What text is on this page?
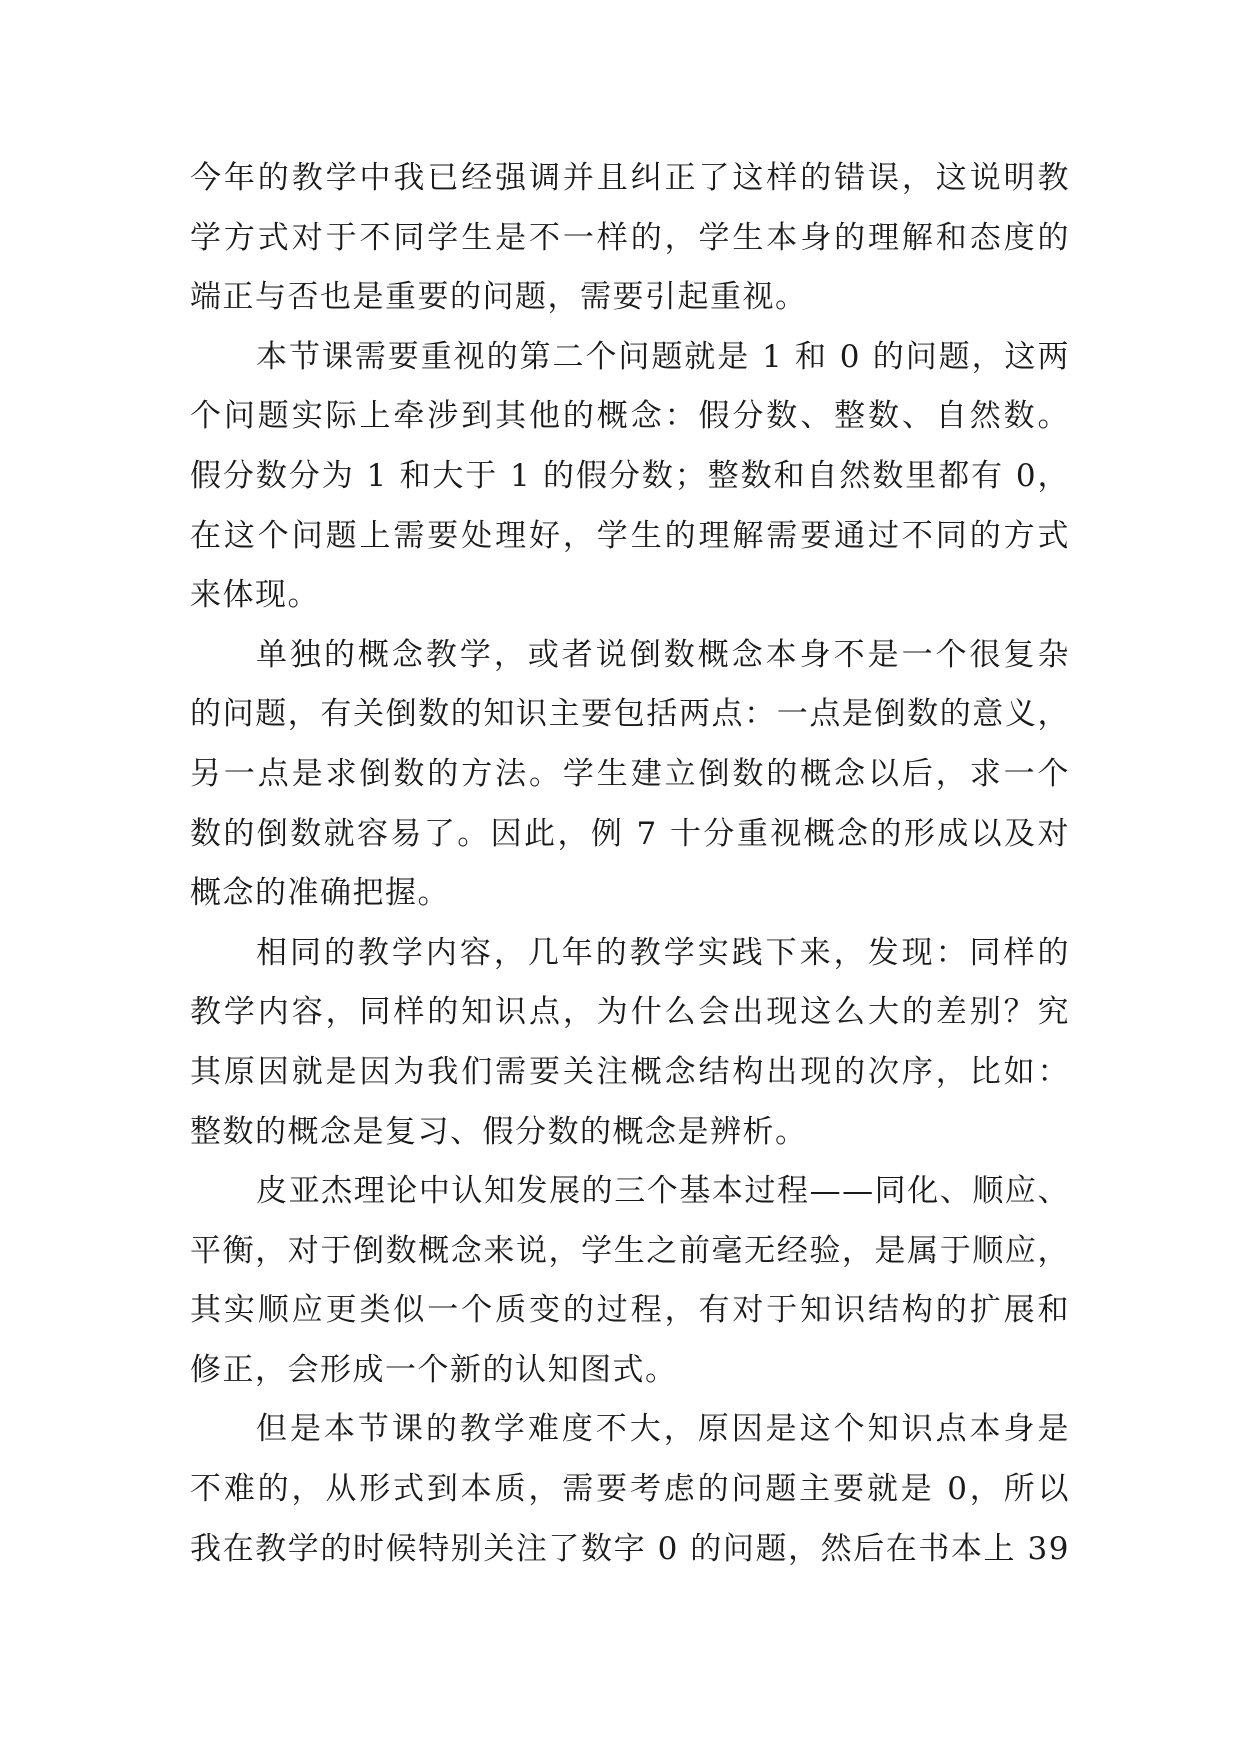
今年的教学中我已经强调并且纠正了这样的错误，这说明教
学方式对于不同学生是不一样的，学生本身的理解和态度的
端正与否也是重要的问题，需要引起重视。
本节课需要重视的第二个问题就是 1 和 0 的问题，这两
个问题实际上牵涉到其他的概念：假分数、整数、自然数。
假分数分为 1 和大于 1 的假分数；整数和自然数里都有 0，
在这个问题上需要处理好，学生的理解需要通过不同的方式
来体现。
单独的概念教学，或者说倒数概念本身不是一个很复杂
的问题，有关倒数的知识主要包括两点：一点是倒数的意义，
另一点是求倒数的方法。学生建立倒数的概念以后，求一个
数的倒数就容易了。因此，例 7 十分重视概念的形成以及对
概念的准确把握。
相同的教学内容，几年的教学实践下来，发现：同样的
教学内容，同样的知识点，为什么会出现这么大的差别？究
其原因就是因为我们需要关注概念结构出现的次序，比如：
整数的概念是复习、假分数的概念是辨析。
皮亚杰理论中认知发展的三个基本过程——同化、顺应、
平衡，对于倒数概念来说，学生之前毫无经验，是属于顺应，
其实顺应更类似一个质变的过程，有对于知识结构的扩展和
修正，会形成一个新的认知图式。
但是本节课的教学难度不大，原因是这个知识点本身是
不难的，从形式到本质，需要考虑的问题主要就是 0，所以
我在教学的时候特别关注了数字 0 的问题，然后在书本上 39
